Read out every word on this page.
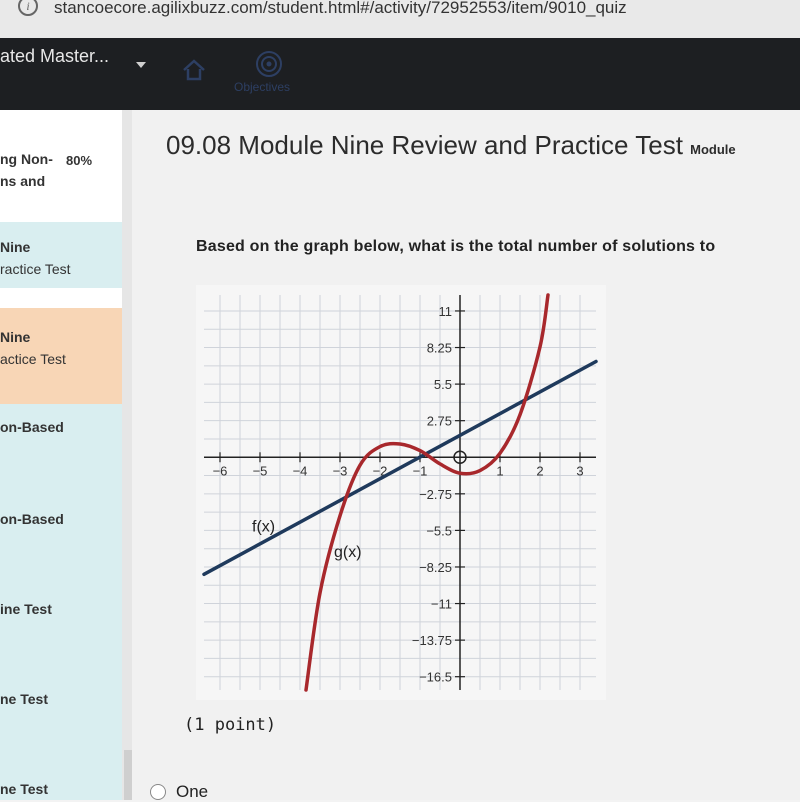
i	stancoecore.agilixbuzz.com/student.html#/activity/72952553/item/9010_quiz
ated Master...
Objectives
ng Non-
ns and
80%
Nine
ractice Test
Nine
actice Test
on-Based
on-Based
ine Test
ne Test
ne Test
09.08 Module Nine Review and Practice Test Module
Based on the graph below, what is the total number of solutions to
−6 −5 −4 −3 −2 −1	1	2	3
11
8.25
5.5
2.75
−2.75
−5.5
−8.25
−11
−13.75
−16.5
f(x)
g(x)
(1 point)
One
